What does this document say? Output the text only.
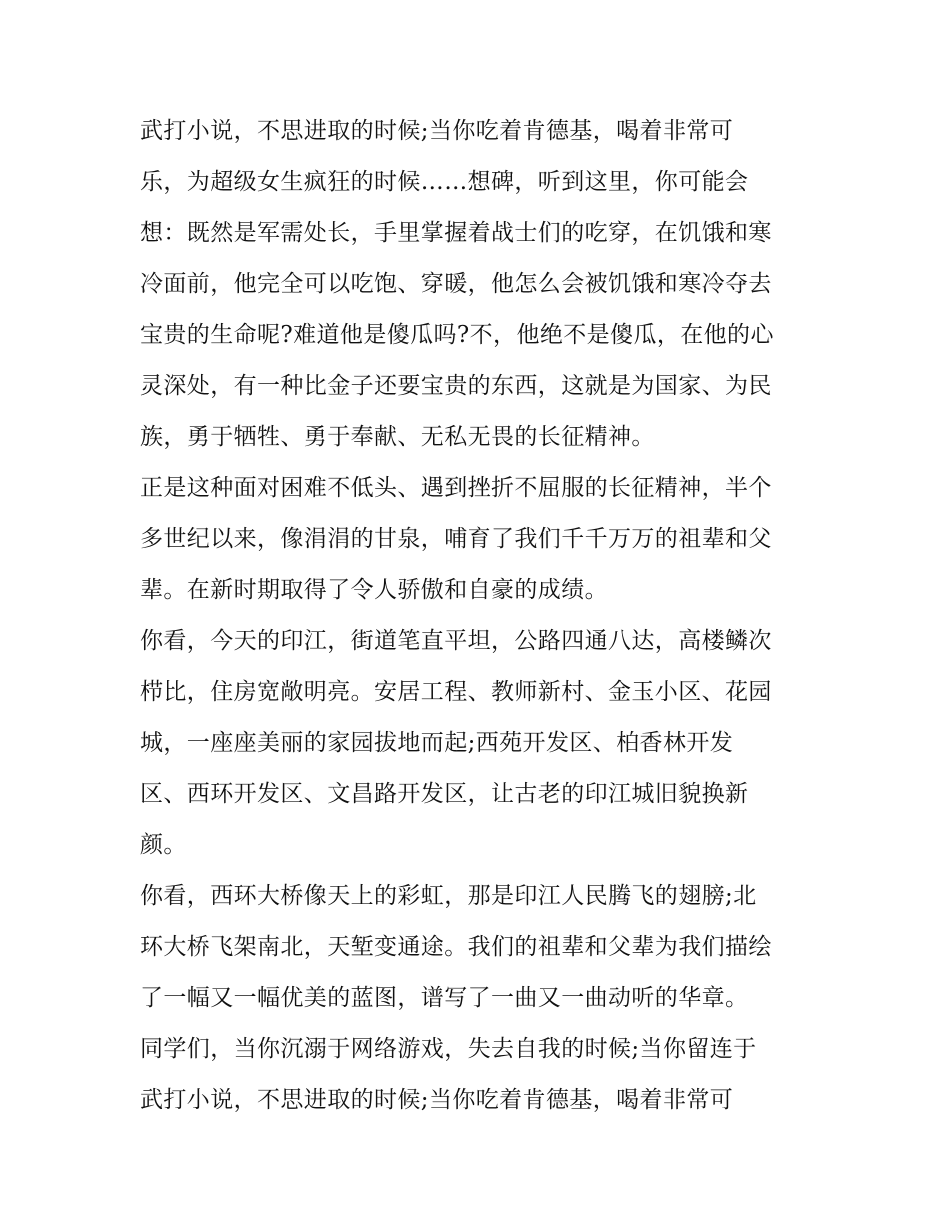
武打小说，不思进取的时候;当你吃着肯德基，喝着非常可
乐，为超级女生疯狂的时候……想碑，听到这里，你可能会
想：既然是军需处长，手里掌握着战士们的吃穿，在饥饿和寒
冷面前，他完全可以吃饱、穿暖，他怎么会被饥饿和寒冷夺去
宝贵的生命呢?难道他是傻瓜吗?不，他绝不是傻瓜，在他的心
灵深处，有一种比金子还要宝贵的东西，这就是为国家、为民
族，勇于牺牲、勇于奉献、无私无畏的长征精神。
正是这种面对困难不低头、遇到挫折不屈服的长征精神，半个
多世纪以来，像涓涓的甘泉，哺育了我们千千万万的祖辈和父
辈。在新时期取得了令人骄傲和自豪的成绩。
你看，今天的印江，街道笔直平坦，公路四通八达，高楼鳞次
栉比，住房宽敞明亮。安居工程、教师新村、金玉小区、花园
城，一座座美丽的家园拔地而起;西苑开发区、柏香林开发
区、西环开发区、文昌路开发区，让古老的印江城旧貌换新
颜。
你看，西环大桥像天上的彩虹，那是印江人民腾飞的翅膀;北
环大桥飞架南北，天堑变通途。我们的祖辈和父辈为我们描绘
了一幅又一幅优美的蓝图，谱写了一曲又一曲动听的华章。
同学们，当你沉溺于网络游戏，失去自我的时候;当你留连于
武打小说，不思进取的时候;当你吃着肯德基，喝着非常可
